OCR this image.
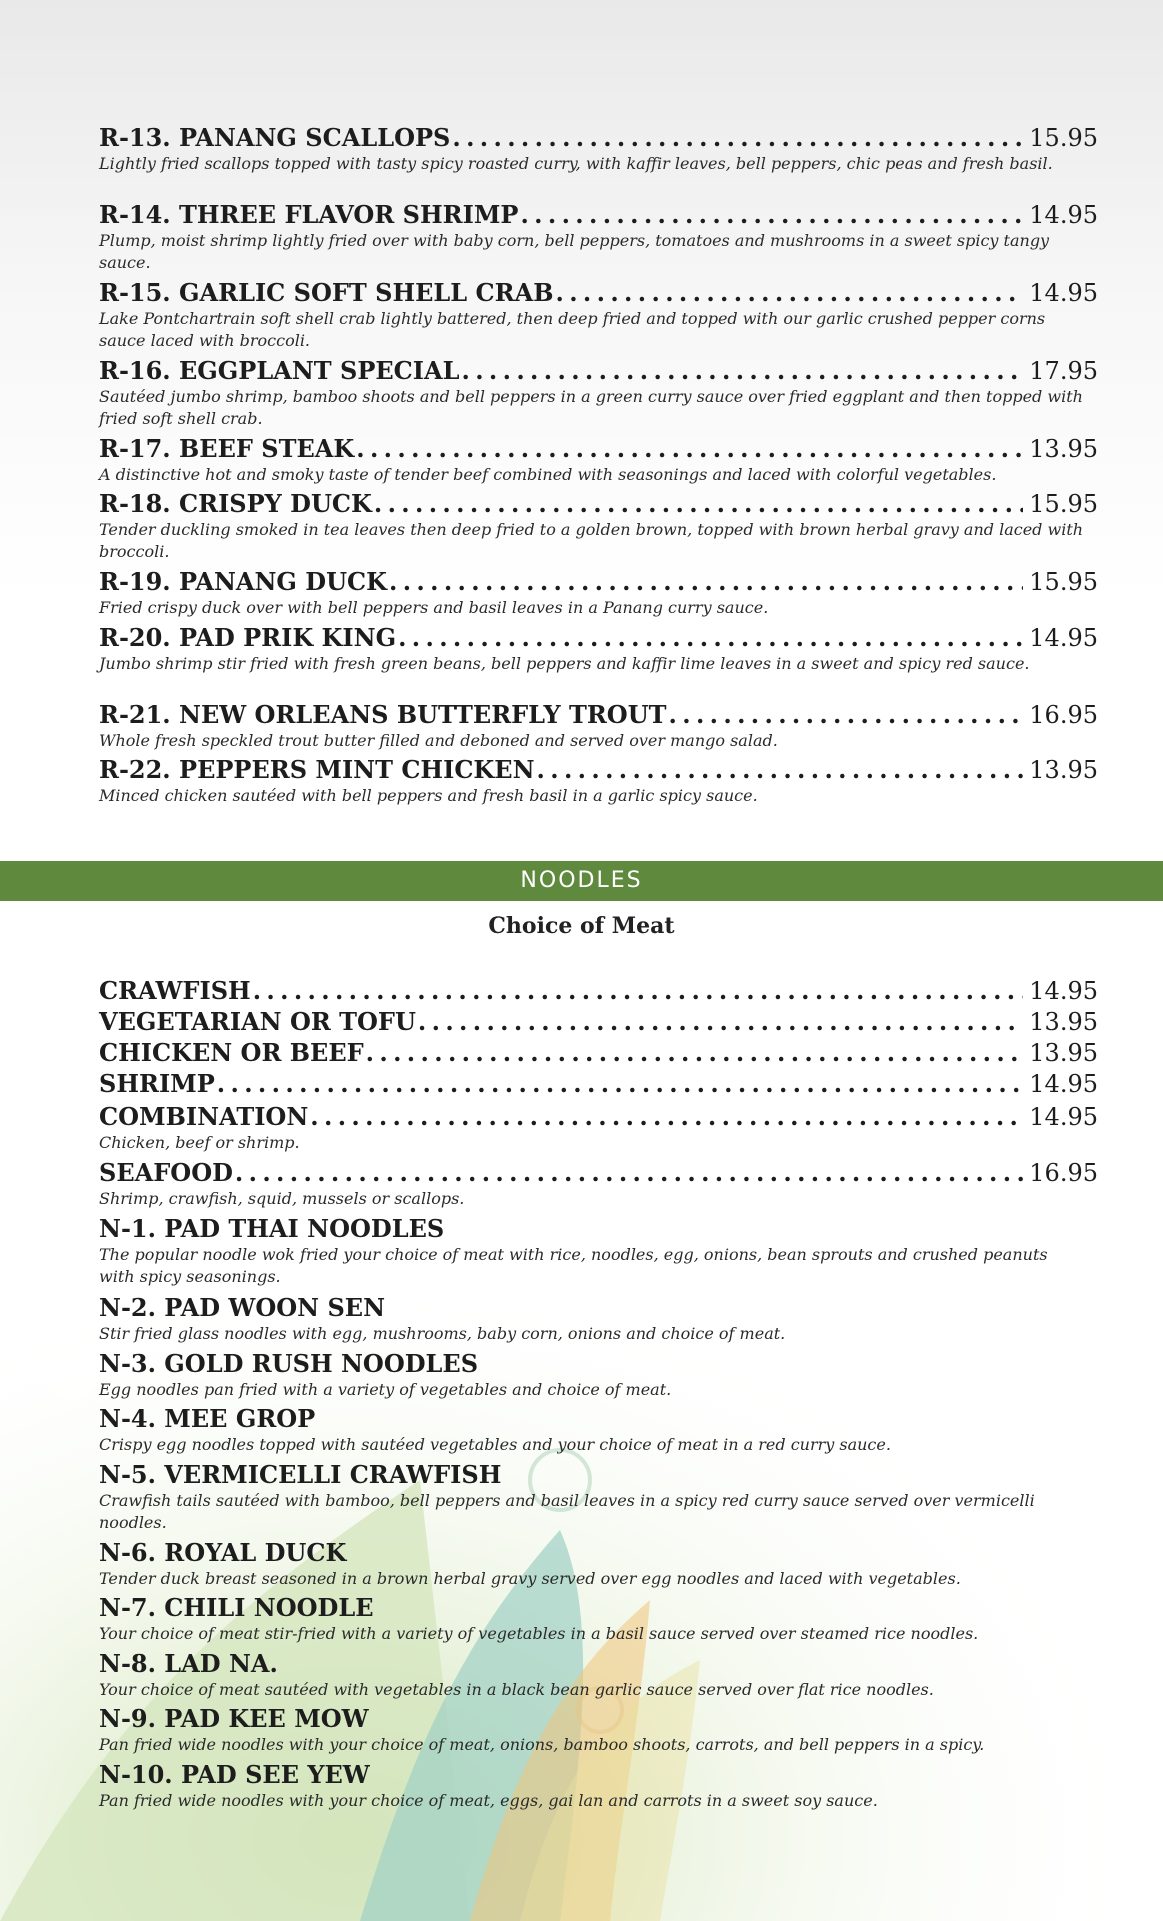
R-13. PANANG SCALLOPS . . .	15.95
Lightly fried scallops topped with tasty spicy roasted curry, with kaffir leaves, bell peppers, chic peas and fresh basil.
R-14. THREE FLAVOR SHRIMP . . .	14.95
Plump, moist shrimp lightly fried over with baby corn, bell peppers, tomatoes and mushrooms in a sweet spicy tangy sauce.
R-15. GARLIC SOFT SHELL CRAB . . .	14.95
Lake Pontchartrain soft shell crab lightly battered, then deep fried and topped with our garlic crushed pepper corns sauce laced with broccoli.
R-16. EGGPLANT SPECIAL . . .	17.95
Sautéed jumbo shrimp, bamboo shoots and bell peppers in a green curry sauce over fried eggplant and then topped with fried soft shell crab.
R-17. BEEF STEAK . . .	13.95
A distinctive hot and smoky taste of tender beef combined with seasonings and laced with colorful vegetables.
R-18. CRISPY DUCK . . .	15.95
Tender duckling smoked in tea leaves then deep fried to a golden brown, topped with brown herbal gravy and laced with broccoli.
R-19. PANANG DUCK . . .	15.95
Fried crispy duck over with bell peppers and basil leaves in a Panang curry sauce.
R-20. PAD PRIK KING . . .	14.95
Jumbo shrimp stir fried with fresh green beans, bell peppers and kaffir lime leaves in a sweet and spicy red sauce.
R-21. NEW ORLEANS BUTTERFLY TROUT . . .	16.95
Whole fresh speckled trout butter filled and deboned and served over mango salad.
R-22. PEPPERS MINT CHICKEN . . .	13.95
Minced chicken sautéed with bell peppers and fresh basil in a garlic spicy sauce.
NOODLES
Choice of Meat
CRAWFISH . . .	14.95
VEGETARIAN OR TOFU . . .	13.95
CHICKEN OR BEEF . . .	13.95
SHRIMP . . .	14.95
COMBINATION . . .	14.95
Chicken, beef or shrimp.
SEAFOOD . . .	16.95
Shrimp, crawfish, squid, mussels or scallops.
N-1. PAD THAI NOODLES
The popular noodle wok fried your choice of meat with rice, noodles, egg, onions, bean sprouts and crushed peanuts with spicy seasonings.
N-2. PAD WOON SEN
Stir fried glass noodles with egg, mushrooms, baby corn, onions and choice of meat.
N-3. GOLD RUSH NOODLES
Egg noodles pan fried with a variety of vegetables and choice of meat.
N-4. MEE GROP
Crispy egg noodles topped with sautéed vegetables and your choice of meat in a red curry sauce.
N-5. VERMICELLI CRAWFISH
Crawfish tails sautéed with bamboo, bell peppers and basil leaves in a spicy red curry sauce served over vermicelli noodles.
N-6. ROYAL DUCK
Tender duck breast seasoned in a brown herbal gravy served over egg noodles and laced with vegetables.
N-7. CHILI NOODLE
Your choice of meat stir-fried with a variety of vegetables in a basil sauce served over steamed rice noodles.
N-8. LAD NA.
Your choice of meat sautéed with vegetables in a black bean garlic sauce served over flat rice noodles.
N-9. PAD KEE MOW
Pan fried wide noodles with your choice of meat, onions, bamboo shoots, carrots, and bell peppers in a spicy.
N-10. PAD SEE YEW
Pan fried wide noodles with your choice of meat, eggs, gai lan and carrots in a sweet soy sauce.
